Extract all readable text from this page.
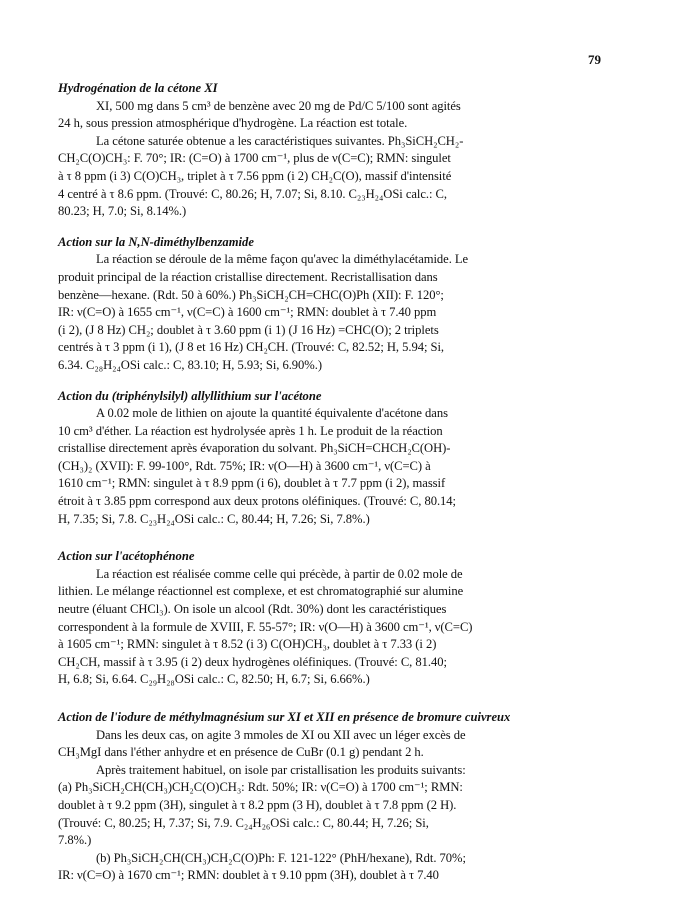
79
Hydrogénation de la cétone XI
XI, 500 mg dans 5 cm³ de benzène avec 20 mg de Pd/C 5/100 sont agités
24 h, sous pression atmosphérique d'hydrogène. La réaction est totale.
La cétone saturée obtenue a les caractéristiques suivantes. Ph₃SiCH₂CH₂-
CH₂C(O)CH₃: F. 70°; IR: (C=O) à 1700 cm⁻¹, plus de ν(C=C); RMN: singulet
à τ 8 ppm (i 3) C(O)CH₃, triplet à τ 7.56 ppm (i 2) CH₂C(O), massif d'intensité
4 centré à τ 8.6 ppm. (Trouvé: C, 80.26; H, 7.07; Si, 8.10. C₂₃H₂₄OSi calc.: C,
80.23; H, 7.0; Si, 8.14%.)
Action sur la N,N-diméthylbenzamide
La réaction se déroule de la même façon qu'avec la diméthylacétamide. Le
produit principal de la réaction cristallise directement. Recristallisation dans
benzène—hexane. (Rdt. 50 à 60%.) Ph₃SiCH₂CH=CHC(O)Ph (XII): F. 120°;
IR: ν(C=O) à 1655 cm⁻¹, ν(C=C) à 1600 cm⁻¹; RMN: doublet à τ 7.40 ppm
(i 2), (J 8 Hz) CH₂; doublet à τ 3.60 ppm (i 1) (J 16 Hz) =CHC(O); 2 triplets
centrés à τ 3 ppm (i 1), (J 8 et 16 Hz) CH₂CH. (Trouvé: C, 82.52; H, 5.94; Si,
6.34. C₂₈H₂₄OSi calc.: C, 83.10; H, 5.93; Si, 6.90%.)
Action du (triphénylsilyl) allyllithium sur l'acétone
A 0.02 mole de lithien on ajoute la quantité équivalente d'acétone dans
10 cm³ d'éther. La réaction est hydrolysée après 1 h. Le produit de la réaction
cristallise directement après évaporation du solvant. Ph₃SiCH=CHCH₂C(OH)-
(CH₃)₂ (XVII): F. 99-100°, Rdt. 75%; IR: ν(O—H) à 3600 cm⁻¹, ν(C=C) à
1610 cm⁻¹; RMN: singulet à τ 8.9 ppm (i 6), doublet à τ 7.7 ppm (i 2), massif
étroit à τ 3.85 ppm correspond aux deux protons oléfiniques. (Trouvé: C, 80.14;
H, 7.35; Si, 7.8. C₂₃H₂₄OSi calc.: C, 80.44; H, 7.26; Si, 7.8%.)
Action sur l'acétophénone
La réaction est réalisée comme celle qui précède, à partir de 0.02 mole de
lithien. Le mélange réactionnel est complexe, et est chromatographié sur alumine
neutre (éluant CHCl₃). On isole un alcool (Rdt. 30%) dont les caractéristiques
correspondent à la formule de XVIII, F. 55-57°; IR: ν(O—H) à 3600 cm⁻¹, ν(C=C)
à 1605 cm⁻¹; RMN: singulet à τ 8.52 (i 3) C(OH)CH₃, doublet à τ 7.33 (i 2)
CH₂CH, massif à τ 3.95 (i 2) deux hydrogènes oléfiniques. (Trouvé: C, 81.40;
H, 6.8; Si, 6.64. C₂₉H₂₈OSi calc.: C, 82.50; H, 6.7; Si, 6.66%.)
Action de l'iodure de méthylmagnésium sur XI et XII en présence de bromure cuivreux
Dans les deux cas, on agite 3 mmoles de XI ou XII avec un léger excès de
CH₃MgI dans l'éther anhydre et en présence de CuBr (0.1 g) pendant 2 h.
Après traitement habituel, on isole par cristallisation les produits suivants:
(a) Ph₃SiCH₂CH(CH₃)CH₂C(O)CH₃: Rdt. 50%; IR: ν(C=O) à 1700 cm⁻¹; RMN:
doublet à τ 9.2 ppm (3H), singulet à τ 8.2 ppm (3 H), doublet à τ 7.8 ppm (2 H).
(Trouvé: C, 80.25; H, 7.37; Si, 7.9. C₂₄H₂₆OSi calc.: C, 80.44; H, 7.26; Si,
7.8%.)
(b) Ph₃SiCH₂CH(CH₃)CH₂C(O)Ph: F. 121-122° (PhH/hexane), Rdt. 70%;
IR: ν(C=O) à 1670 cm⁻¹; RMN: doublet à τ 9.10 ppm (3H), doublet à τ 7.40
